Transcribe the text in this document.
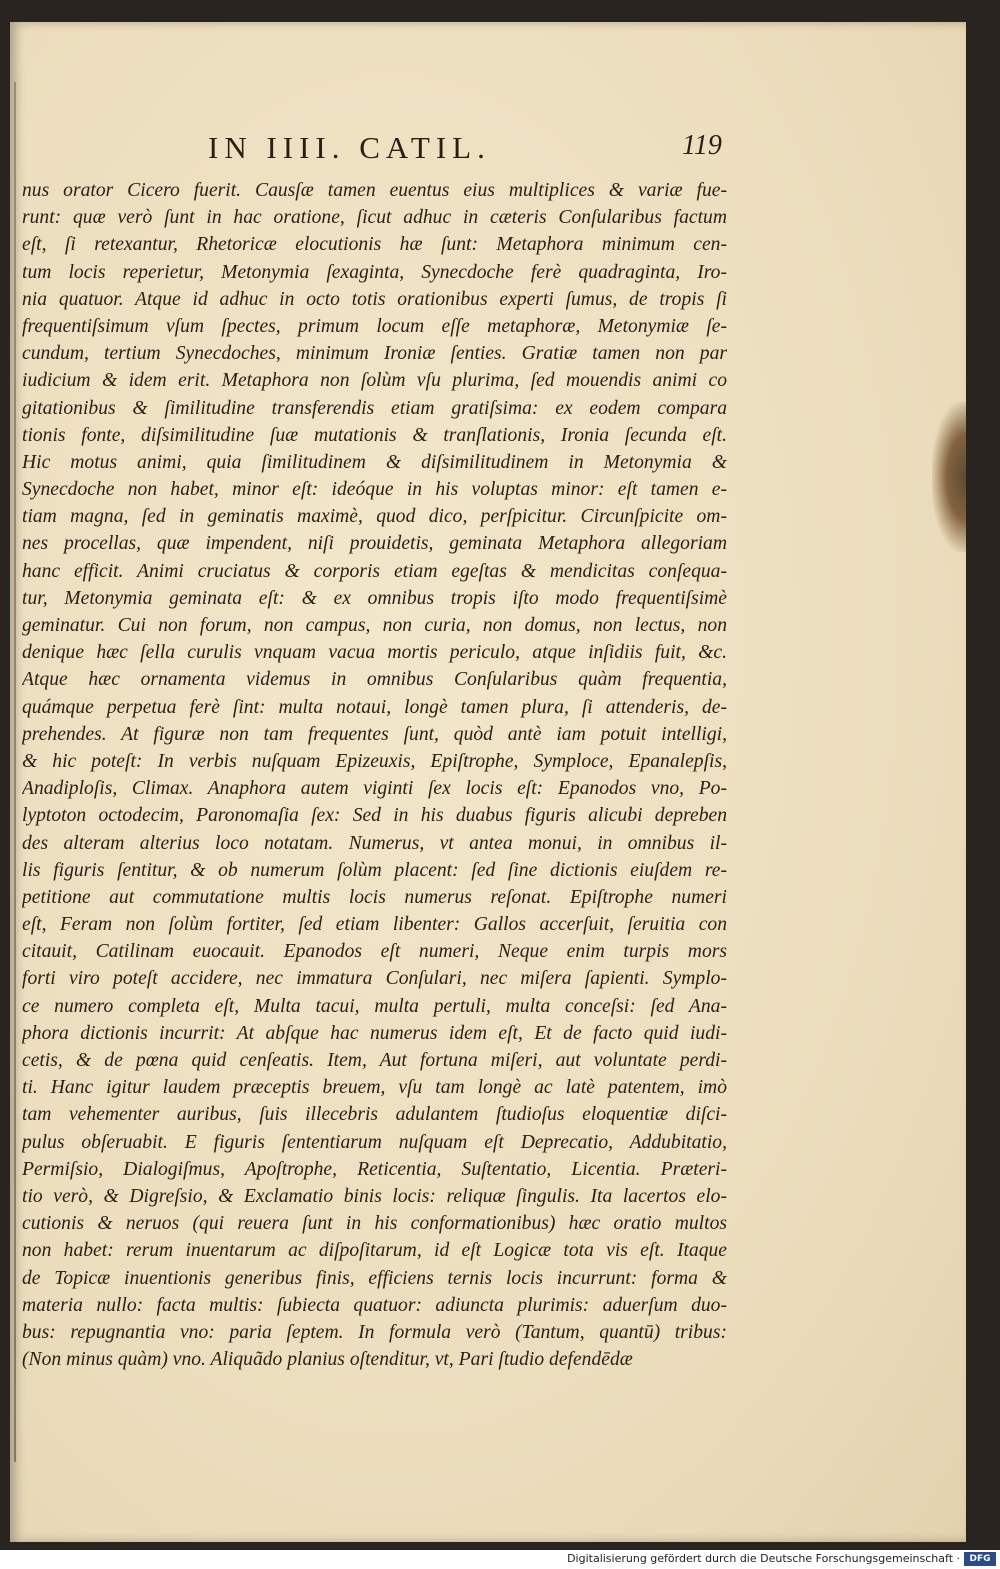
IN IIII. CATIL.	119
nus orator Cicero fuerit. Causſæ tamen euentus eius multiplices & variæ fue-
runt: quæ verò ſunt in hac oratione, ſicut adhuc in cæteris Conſularibus factum
eſt, ſi retexantur, Rhetoricæ elocutionis hæ ſunt: Metaphora minimum cen-
tum locis reperietur, Metonymia ſexaginta, Synecdoche ferè quadraginta, Iro-
nia quatuor. Atque id adhuc in octo totis orationibus experti ſumus, de tropis ſi
frequentiſsimum vſum ſpectes, primum locum eſſe metaphoræ, Metonymiæ ſe-
cundum, tertium Synecdoches, minimum Ironiæ ſenties. Gratiæ tamen non par
iudicium & idem erit. Metaphora non ſolùm vſu plurima, ſed mouendis animi co
gitationibus & ſimilitudine transferendis etiam gratiſsima: ex eodem compara
tionis fonte, diſsimilitudine ſuæ mutationis & tranſlationis, Ironia ſecunda eſt.
Hic motus animi, quia ſimilitudinem & diſsimilitudinem in Metonymia &
Synecdoche non habet, minor eſt: ideóque in his voluptas minor: eſt tamen e-
tiam magna, ſed in geminatis maximè, quod dico, perſpicitur. Circunſpicite om-
nes procellas, quæ impendent, niſi prouidetis, geminata Metaphora allegoriam
hanc efficit. Animi cruciatus & corporis etiam egeſtas & mendicitas conſequa-
tur, Metonymia geminata eſt: & ex omnibus tropis iſto modo frequentiſsimè
geminatur. Cui non forum, non campus, non curia, non domus, non lectus, non
denique hæc ſella curulis vnquam vacua mortis periculo, atque inſidiis fuit, &c.
Atque hæc ornamenta videmus in omnibus Conſularibus quàm frequentia,
quámque perpetua ferè ſint: multa notaui, longè tamen plura, ſi attenderis, de-
prehendes. At figuræ non tam frequentes ſunt, quòd antè iam potuit intelligi,
& hic poteſt: In verbis nuſquam Epizeuxis, Epiſtrophe, Symploce, Epanalepſis,
Anadiploſis, Climax. Anaphora autem viginti ſex locis eſt: Epanodos vno, Po-
lyptoton octodecim, Paronomaſia ſex: Sed in his duabus figuris alicubi depreben
des alteram alterius loco notatam. Numerus, vt antea monui, in omnibus il-
lis figuris ſentitur, & ob numerum ſolùm placent: ſed ſine dictionis eiuſdem re-
petitione aut commutatione multis locis numerus reſonat. Epiſtrophe numeri
eſt, Feram non ſolùm fortiter, ſed etiam libenter: Gallos accerſuit, ſeruitia con
citauit, Catilinam euocauit. Epanodos eſt numeri, Neque enim turpis mors
forti viro poteſt accidere, nec immatura Conſulari, nec miſera ſapienti. Symplo-
ce numero completa eſt, Multa tacui, multa pertuli, multa conceſsi: ſed Ana-
phora dictionis incurrit: At abſque hac numerus idem eſt, Et de facto quid iudi-
cetis, & de pœna quid cenſeatis. Item, Aut fortuna miſeri, aut voluntate perdi-
ti. Hanc igitur laudem præceptis breuem, vſu tam longè ac latè patentem, imò
tam vehementer auribus, ſuis illecebris adulantem ſtudioſus eloquentiæ diſci-
pulus obſeruabit. E figuris ſententiarum nuſquam eſt Deprecatio, Addubitatio,
Permiſsio, Dialogiſmus, Apoſtrophe, Reticentia, Suſtentatio, Licentia. Præteri-
tio verò, & Digreſsio, & Exclamatio binis locis: reliquæ ſingulis. Ita lacertos elo-
cutionis & neruos (qui reuera ſunt in his conformationibus) hæc oratio multos
non habet: rerum inuentarum ac diſpoſitarum, id eſt Logicæ tota vis eſt. Itaque
de Topicæ inuentionis generibus finis, efficiens ternis locis incurrunt: forma &
materia nullo: facta multis: ſubiecta quatuor: adiuncta plurimis: aduerſum duo-
bus: repugnantia vno: paria ſeptem. In formula verò (Tantum, quantū) tribus:
(Non minus quàm) vno. Aliquãdo planius oſtenditur, vt, Pari ſtudio defendēdæ
Digitalisierung gefördert durch die Deutsche Forschungsgemeinschaft ·	DFG
